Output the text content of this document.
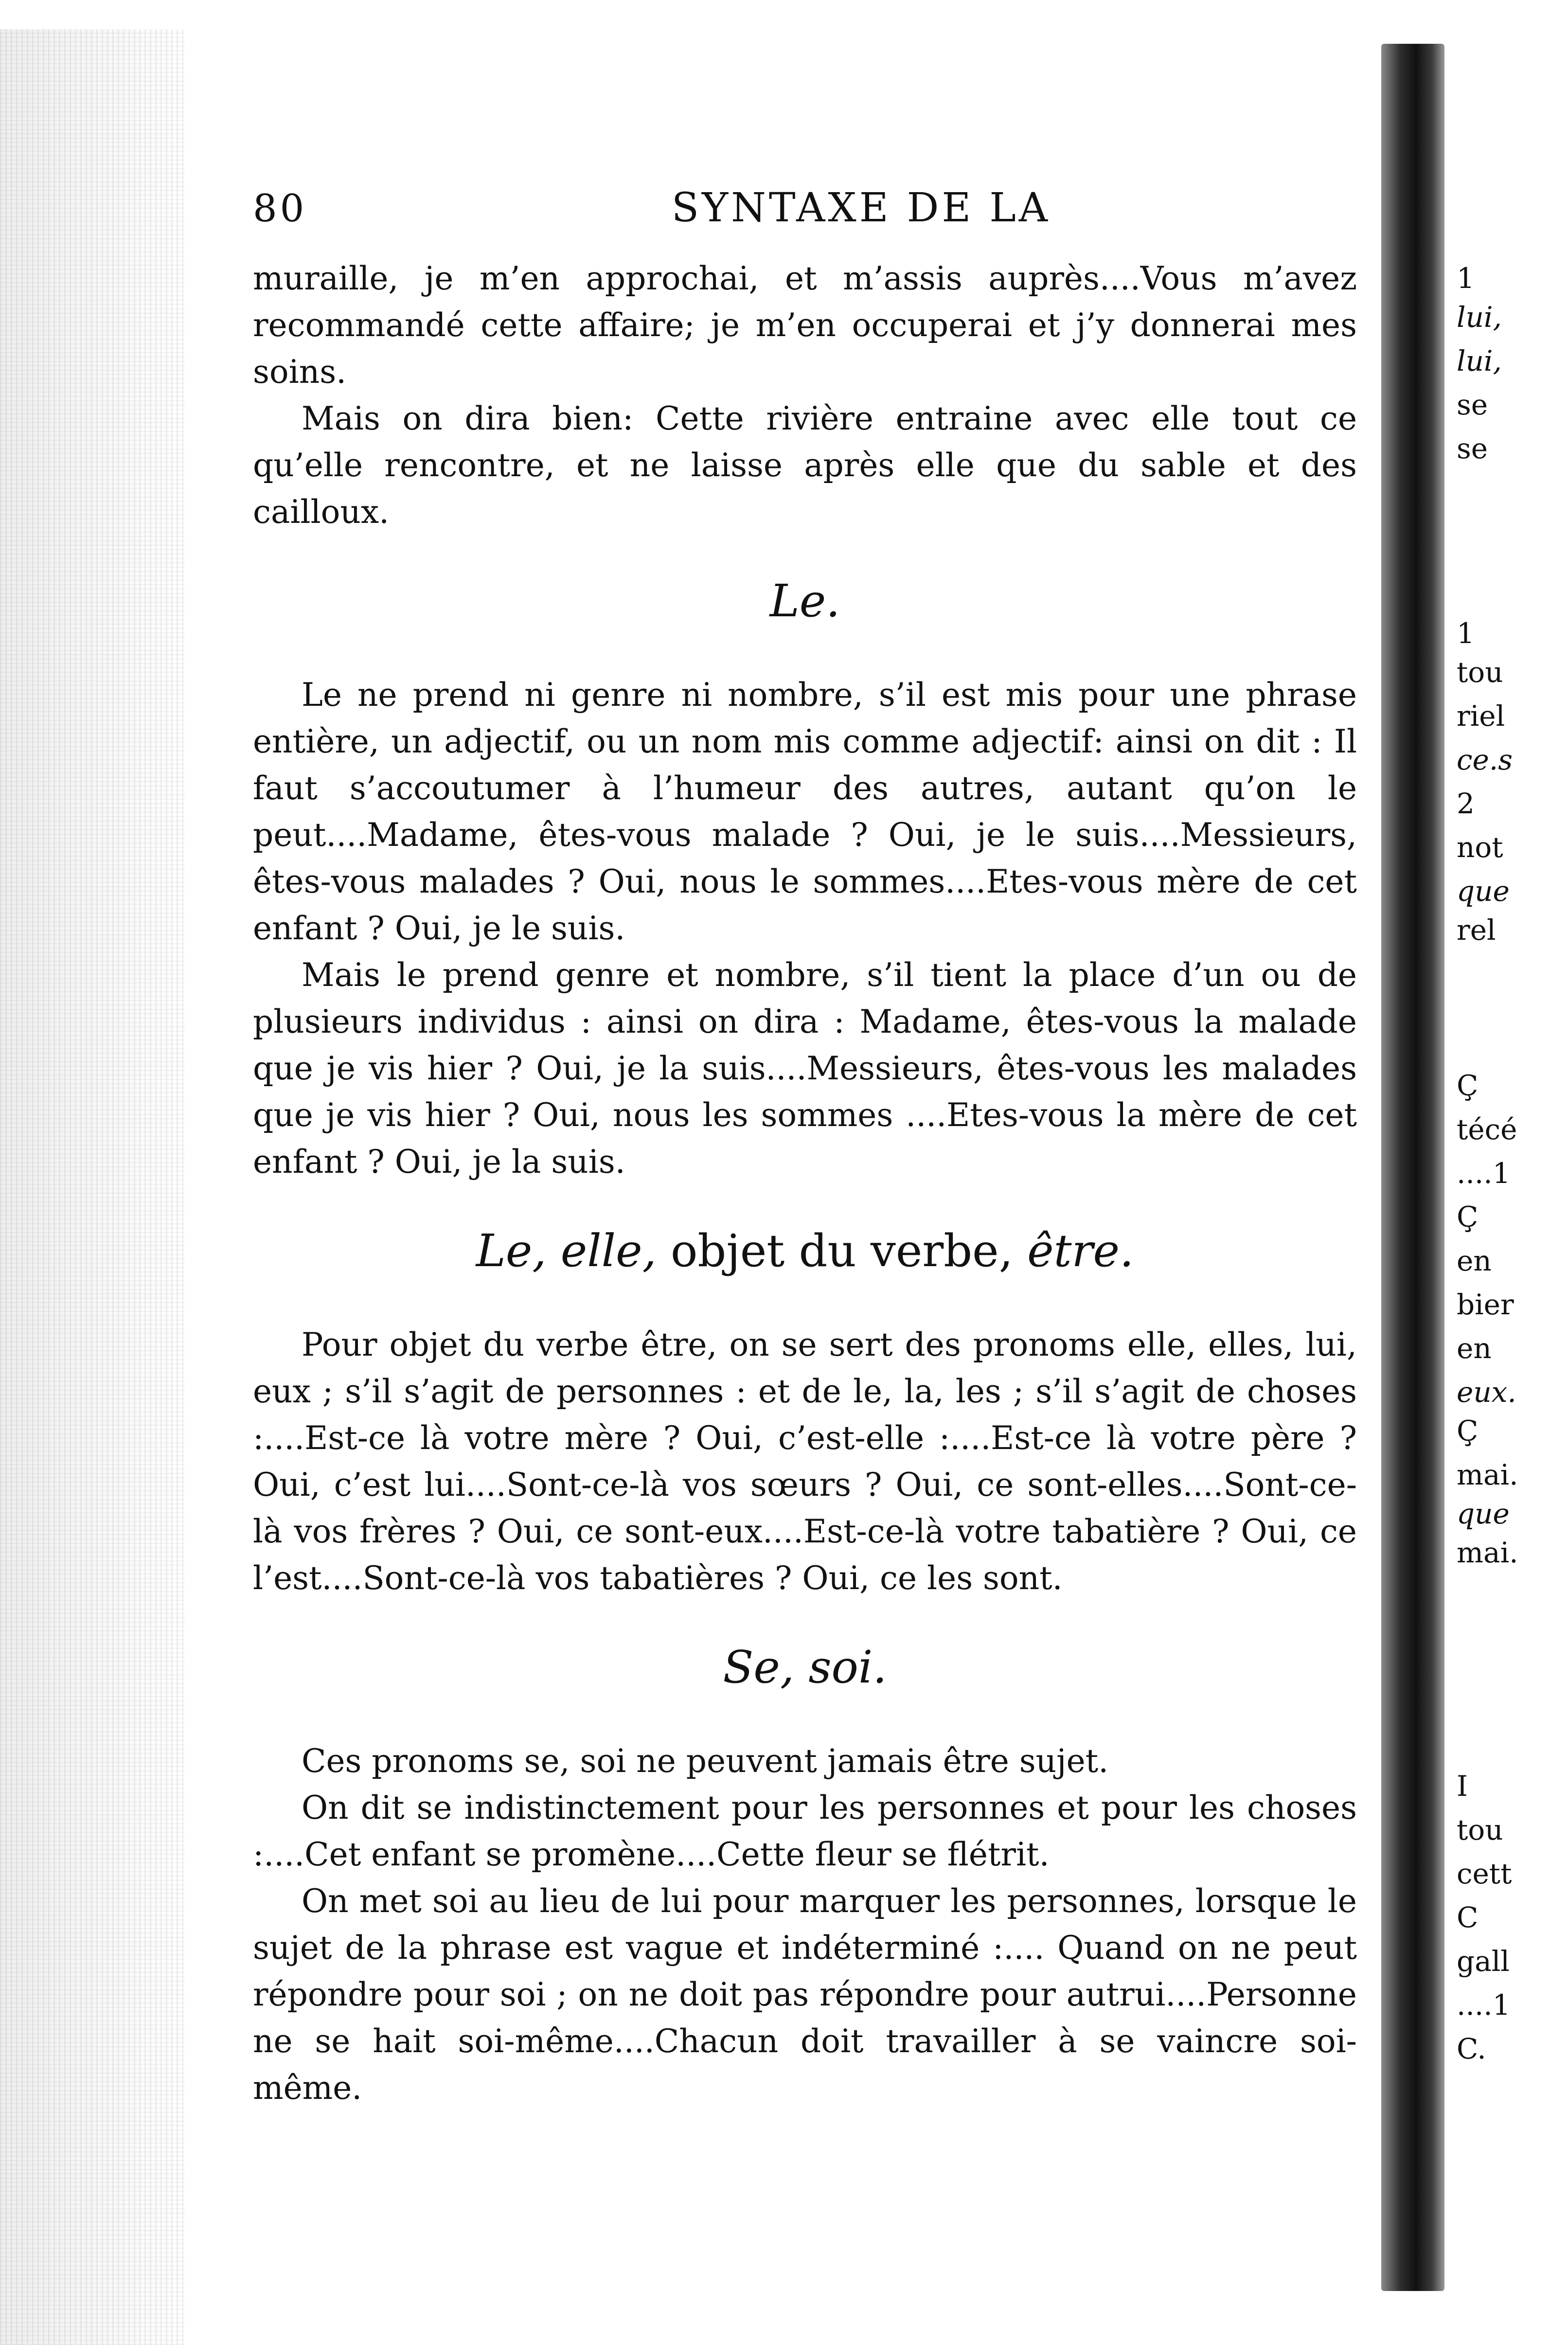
80	SYNTAXE DE LA

muraille, je m’en approchai, et m’assis auprès....Vous m’avez recommandé cette affaire; je m’en occuperai et j’y donnerai mes soins.

Mais on dira bien: Cette rivière entraine avec elle tout ce qu’elle rencontre, et ne laisse après elle que du sable et des cailloux.

Le.

Le ne prend ni genre ni nombre, s’il est mis pour une phrase entière, un adjectif, ou un nom mis comme adjectif: ainsi on dit : Il faut s’accoutumer à l’humeur des autres, autant qu’on le peut....Madame, êtes-vous malade ? Oui, je le suis....Messieurs, êtes-vous malades ? Oui, nous le sommes....Etes-vous mère de cet enfant ? Oui, je le suis.

Mais le prend genre et nombre, s’il tient la place d’un ou de plusieurs individus : ainsi on dira : Madame, êtes-vous la malade que je vis hier ? Oui, je la suis....Messieurs, êtes-vous les malades que je vis hier ? Oui, nous les sommes ....Etes-vous la mère de cet enfant ? Oui, je la suis.

Le, elle, objet du verbe, être.

Pour objet du verbe être, on se sert des pronoms elle, elles, lui, eux ; s’il s’agit de personnes : et de le, la, les ; s’il s’agit de choses :....Est-ce là votre mère ? Oui, c’est-elle :....Est-ce là votre père ? Oui, c’est lui....Sont-ce-là vos sœurs ? Oui, ce sont-elles....Sont-ce-là vos frères ? Oui, ce sont-eux....Est-ce-là votre tabatière ? Oui, ce l’est....Sont-ce-là vos tabatières ? Oui, ce les sont.

Se, soi.

Ces pronoms se, soi ne peuvent jamais être sujet.

On dit se indistinctement pour les personnes et pour les choses :....Cet enfant se promène....Cette fleur se flétrit.

On met soi au lieu de lui pour marquer les personnes, lorsque le sujet de la phrase est vague et indéterminé :.... Quand on ne peut répondre pour soi ; on ne doit pas répondre pour autrui....Personne ne se hait soi-même....Chacun doit travailler à se vaincre soi-même.

1
lui,
lui,
se
se
1
tou
riel
ce.s
2
not
que
rel
Ç
técé
....1
Ç
en
bier
en
eux.
Ç
mai.
que
mai.
I
tou
cett
C
gall
....1
C.
